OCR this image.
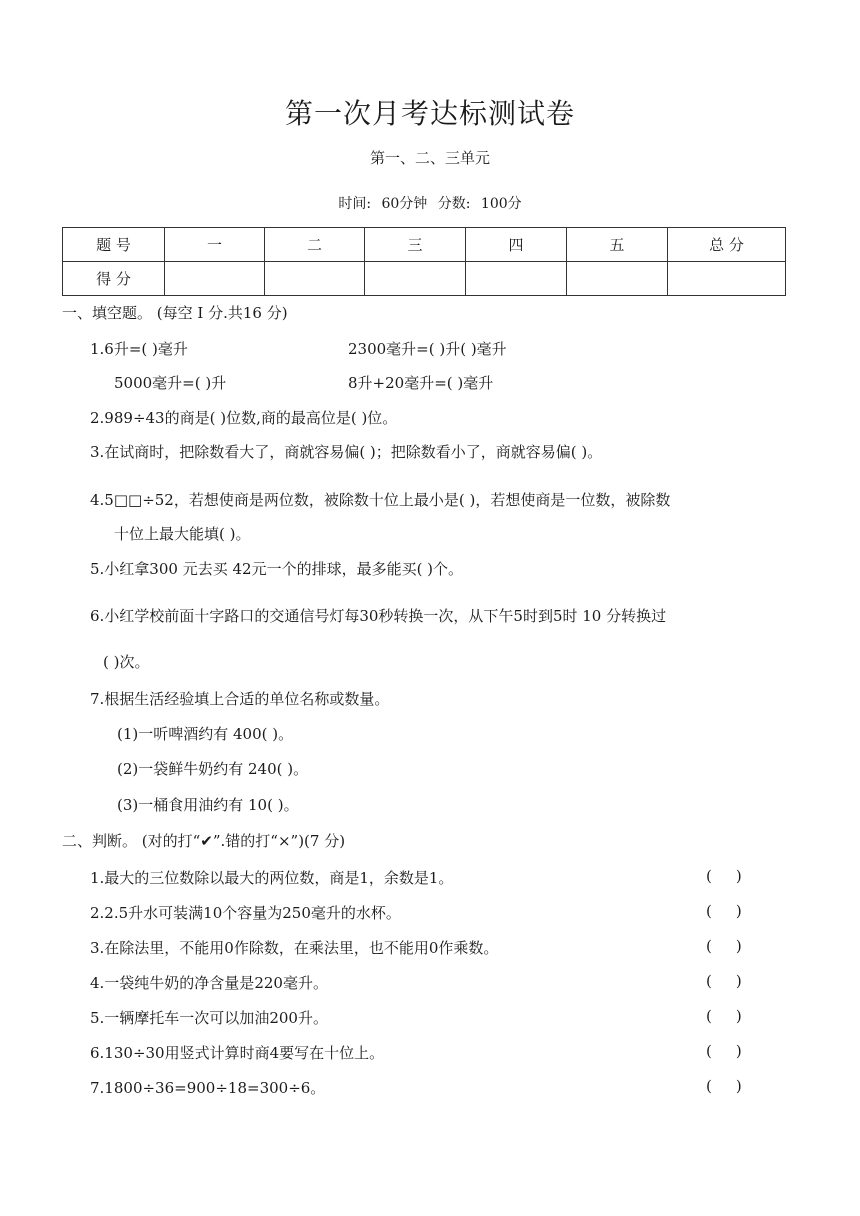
第一次月考达标测试卷
第一、二、三单元
时间: 60分钟 分数: 100分
题 号	一	二	三	四	五	总 分
得 分						
一、填空题。 (每空 I 分.共16 分)
1.6升=( )毫升	2300毫升=( )升( )毫升
5000毫升=( )升	8升+20毫升=( )毫升
2.989÷43的商是( )位数,商的最高位是( )位。
3.在试商时，把除数看大了，商就容易偏( )；把除数看小了，商就容易偏( )。
4.5□□÷52，若想使商是两位数，被除数十位上最小是( )，若想使商是一位数，被除数
十位上最大能填( )。
5.小红拿300 元去买 42元一个的排球，最多能买( )个。
6.小红学校前面十字路口的交通信号灯每30秒转换一次，从下午5时到5时 10 分转换过
( )次。
7.根据生活经验填上合适的单位名称或数量。
(1)一听啤酒约有 400( )。
(2)一袋鲜牛奶约有 240( )。
(3)一桶食用油约有 10( )。
二、判断。 (对的打“✔”.错的打“×”)(7 分)
1.最大的三位数除以最大的两位数，商是1，余数是1。	()
2.2.5升水可装满10个容量为250毫升的水杯。	()
3.在除法里，不能用0作除数，在乘法里，也不能用0作乘数。	()
4.一袋纯牛奶的净含量是220毫升。	()
5.一辆摩托车一次可以加油200升。	()
6.130÷30用竖式计算时商4要写在十位上。	()
7.1800÷36=900÷18=300÷6。	()
